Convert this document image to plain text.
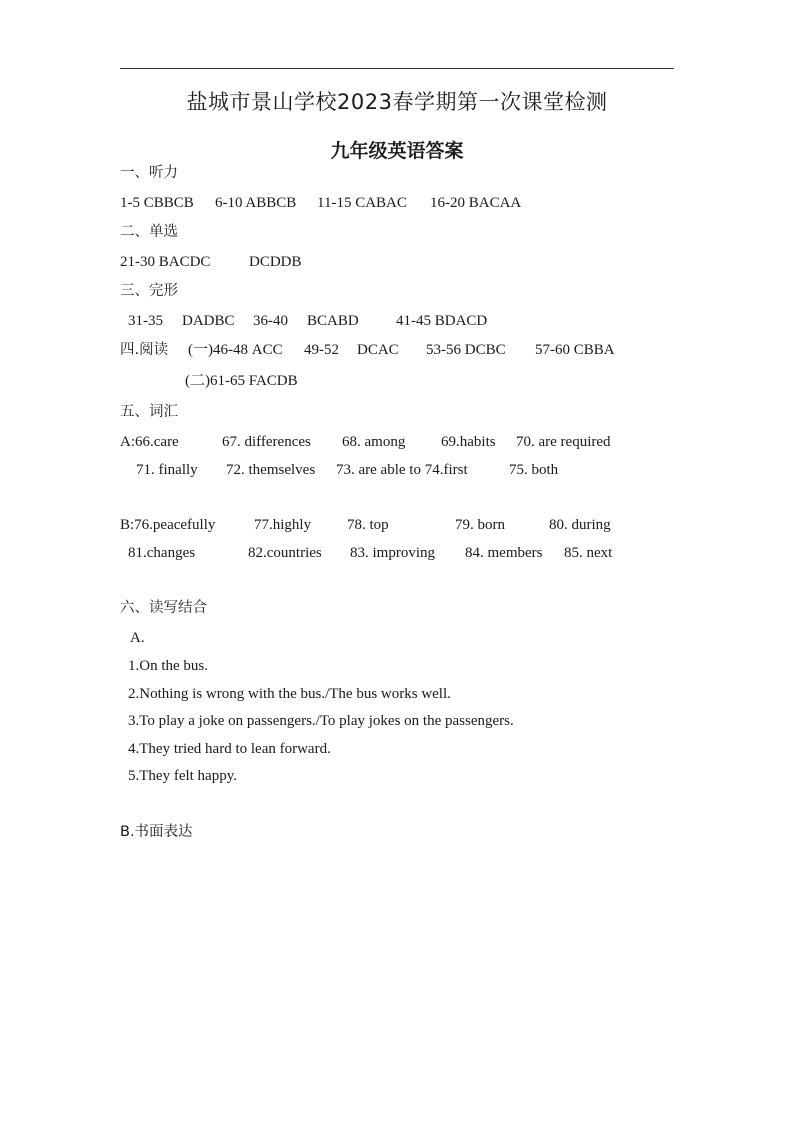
盐城市景山学校2023春学期第一次课堂检测
九年级英语答案
一、听力
1-5 CBBCB 6-10 ABBCB 11-15 CABAC 16-20 BACAA
二、单选
21-30 BACDC	DCDDB
三、完形
31-35 DADBC 36-40 BCABD 41-45 BDACD
四.阅读 (一)46-48 ACC 49-52 DCAC 53-56 DCBC 57-60 CBBA
(二)61-65 FACDB
五、词汇
A:66.care	67. differences 68. among 69.habits 70. are required
71. finally 72. themselves 73. are able to 74.first	75. both
B:76.peacefully	77.highly 78. top	79. born	80. during
81.changes	82.countries 83. improving 84. members 85. next
六、读写结合
A.
1.On the bus.
2.Nothing is wrong with the bus./The bus works well.
3.To play a joke on passengers./To play jokes on the passengers.
4.They tried hard to lean forward.
5.They felt happy.
B.书面表达
